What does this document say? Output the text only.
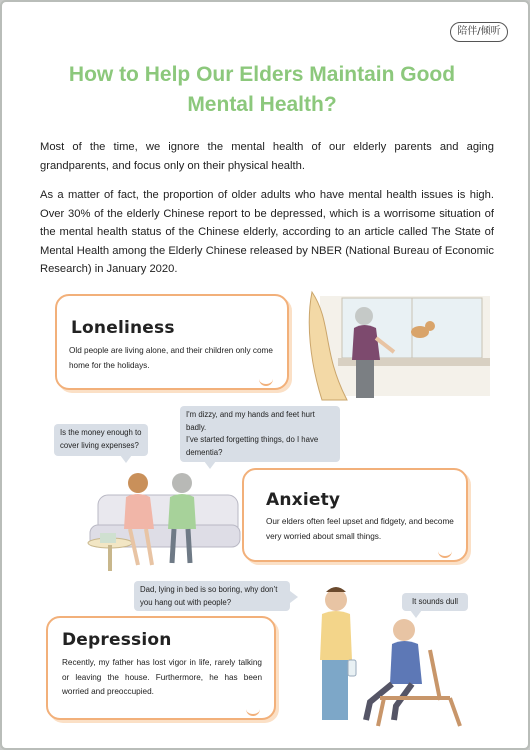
陪伴/倾听
How to Help Our Elders Maintain Good Mental Health?
Most of the time, we ignore the mental health of our elderly parents and aging grandparents, and focus only on their physical health.
As a matter of fact, the proportion of older adults who have mental health issues is high. Over 30% of the elderly Chinese report to be depressed, which is a worrisome situation of the mental health status of the Chinese elderly, according to an article called The State of Mental Health among the Elderly Chinese released by NBER (National Bureau of Economic Research) in January 2020.
Loneliness

Old people are living alone, and their children only come home for the holidays.

Anxiety

Our elders often feel upset and fidgety, and become very worried about small things.

Depression

Recently, my father has lost vigor in life, rarely talking or leaving the house. Furthermore, he has been worried and preoccupied.

Is the money enough to cover living expenses?
I'm dizzy, and my hands and feet hurt badly.
I’ve started forgetting things, do I have dementia?
Dad, lying in bed is so boring, why don’t you hang out with people?	It sounds dull
